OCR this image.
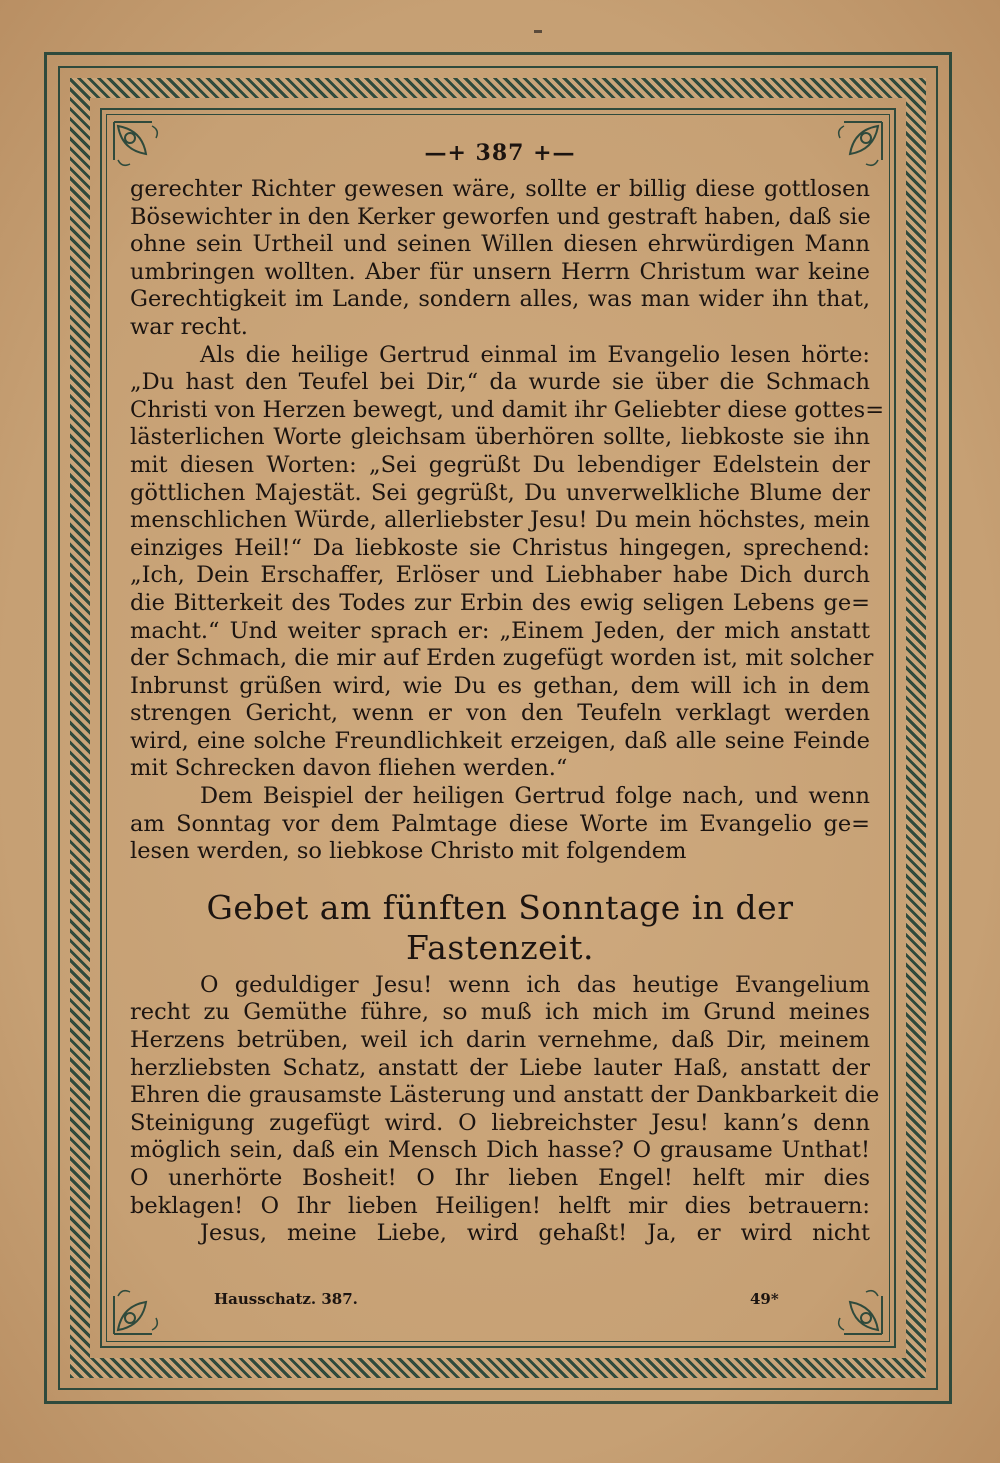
—+ 387 +—
gerechter Richter gewesen wäre, sollte er billig diese gottlosen
Bösewichter in den Kerker geworfen und gestraft haben, daß sie
ohne sein Urtheil und seinen Willen diesen ehrwürdigen Mann
umbringen wollten. Aber für unsern Herrn Christum war keine
Gerechtigkeit im Lande, sondern alles, was man wider ihn that,
war recht.
Als die heilige Gertrud einmal im Evangelio lesen hörte:
„Du hast den Teufel bei Dir,“ da wurde sie über die Schmach
Christi von Herzen bewegt, und damit ihr Geliebter diese gottes=
lästerlichen Worte gleichsam überhören sollte, liebkoste sie ihn
mit diesen Worten: „Sei gegrüßt Du lebendiger Edelstein der
göttlichen Majestät. Sei gegrüßt, Du unverwelkliche Blume der
menschlichen Würde, allerliebster Jesu! Du mein höchstes, mein
einziges Heil!“ Da liebkoste sie Christus hingegen, sprechend:
„Ich, Dein Erschaffer, Erlöser und Liebhaber habe Dich durch
die Bitterkeit des Todes zur Erbin des ewig seligen Lebens ge=
macht.“ Und weiter sprach er: „Einem Jeden, der mich anstatt
der Schmach, die mir auf Erden zugefügt worden ist, mit solcher
Inbrunst grüßen wird, wie Du es gethan, dem will ich in dem
strengen Gericht, wenn er von den Teufeln verklagt werden
wird, eine solche Freundlichkeit erzeigen, daß alle seine Feinde
mit Schrecken davon fliehen werden.“
Dem Beispiel der heiligen Gertrud folge nach, und wenn
am Sonntag vor dem Palmtage diese Worte im Evangelio ge=
lesen werden, so liebkose Christo mit folgendem
Gebet am fünften Sonntage in der Fastenzeit.
O geduldiger Jesu! wenn ich das heutige Evangelium
recht zu Gemüthe führe, so muß ich mich im Grund meines
Herzens betrüben, weil ich darin vernehme, daß Dir, meinem
herzliebsten Schatz, anstatt der Liebe lauter Haß, anstatt der
Ehren die grausamste Lästerung und anstatt der Dankbarkeit die
Steinigung zugefügt wird. O liebreichster Jesu! kann’s denn
möglich sein, daß ein Mensch Dich hasse? O grausame Unthat!
O unerhörte Bosheit! O Ihr lieben Engel! helft mir dies
beklagen! O Ihr lieben Heiligen! helft mir dies betrauern:
Jesus, meine Liebe, wird gehaßt! Ja, er wird nicht
Hausschatz. 387.	49*
